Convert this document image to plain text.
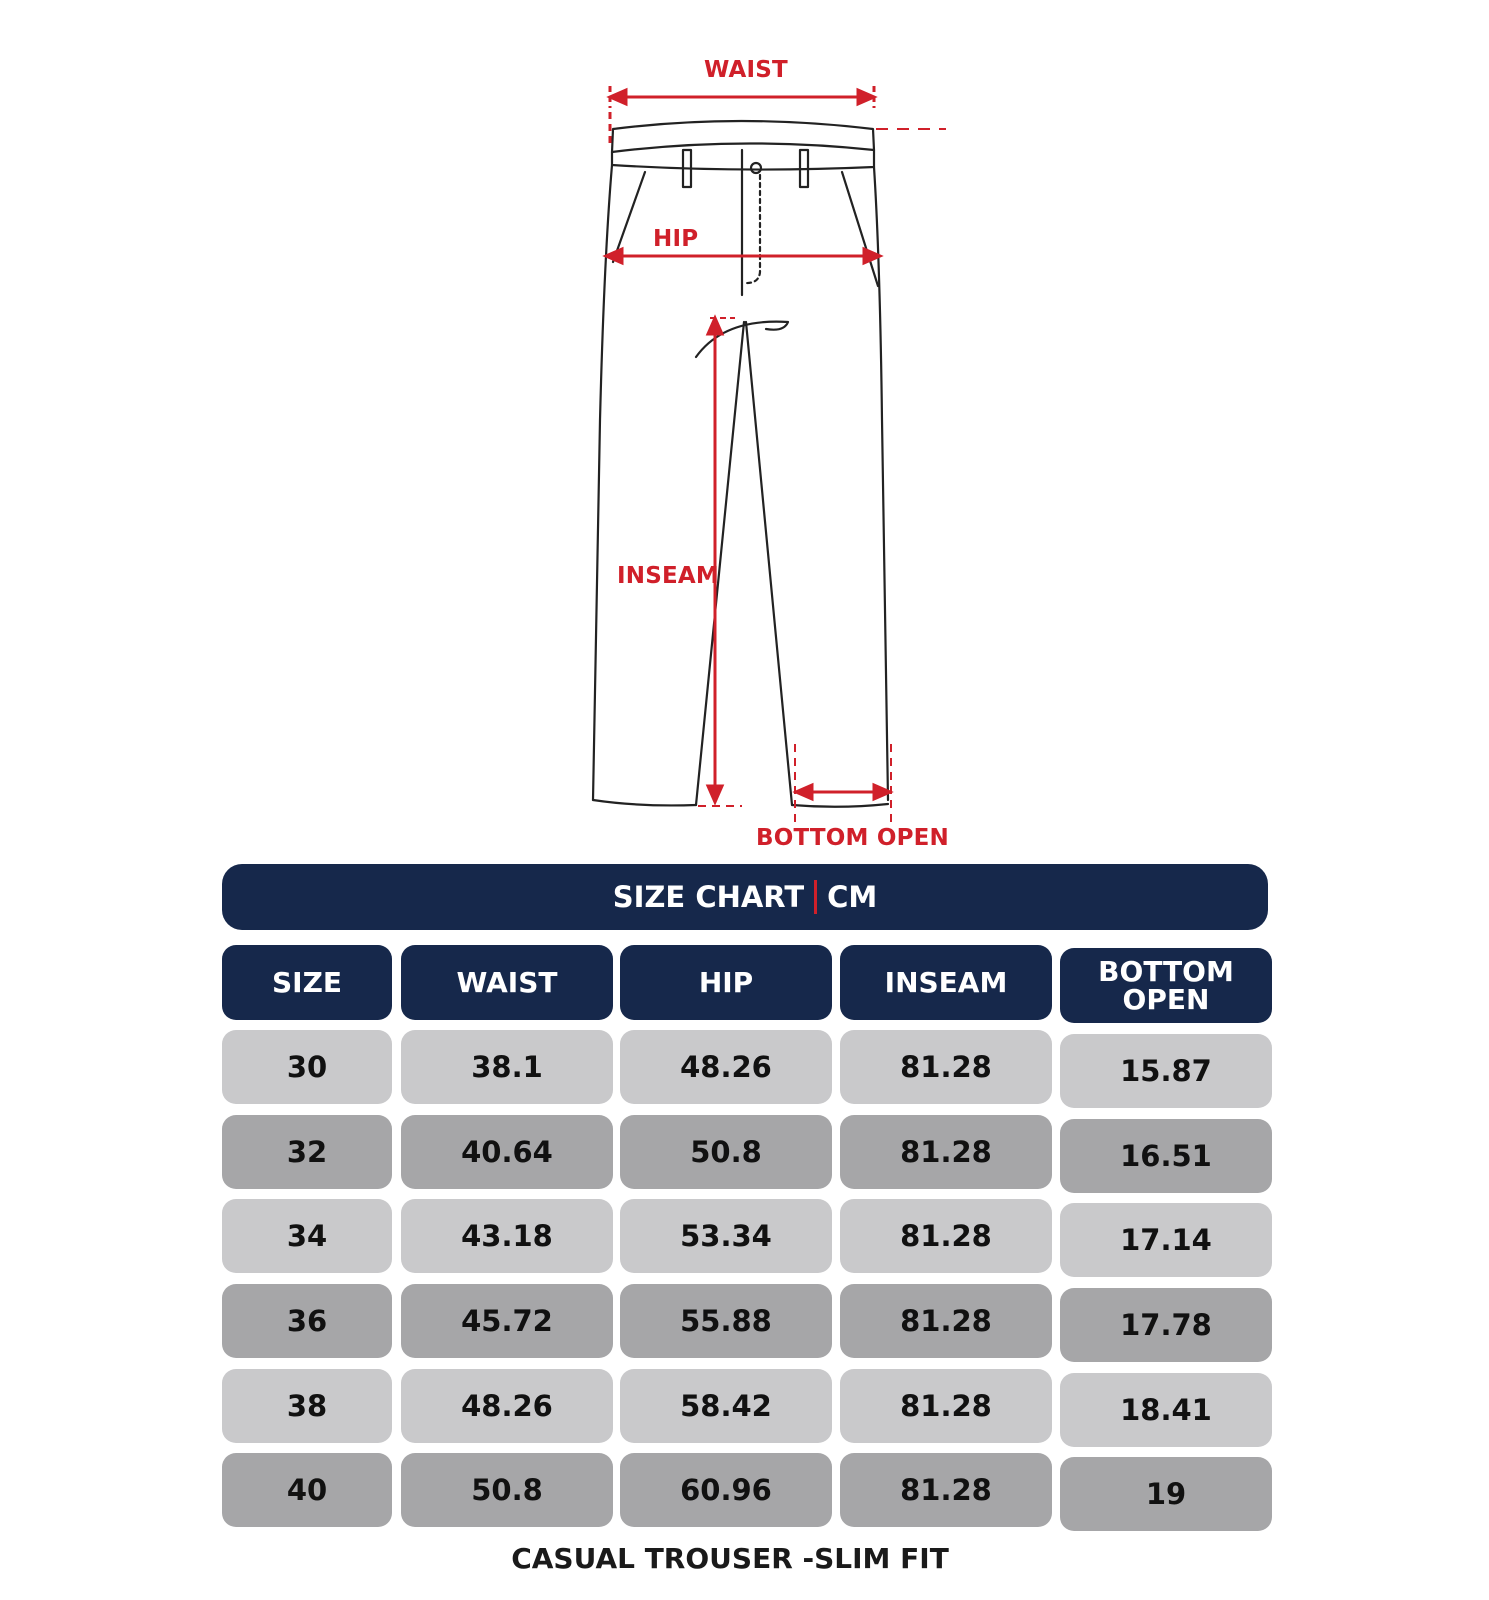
WAIST
HIP
INSEAM
BOTTOM OPEN
SIZE CHART CM
SIZE	WAIST	HIP	INSEAM	BOTTOM OPEN
30	38.1	48.26	81.28	15.87
32	40.64	50.8	81.28	16.51
34	43.18	53.34	81.28	17.14
36	45.72	55.88	81.28	17.78
38	48.26	58.42	81.28	18.41
40	50.8	60.96	81.28	19
CASUAL TROUSER -SLIM FIT
